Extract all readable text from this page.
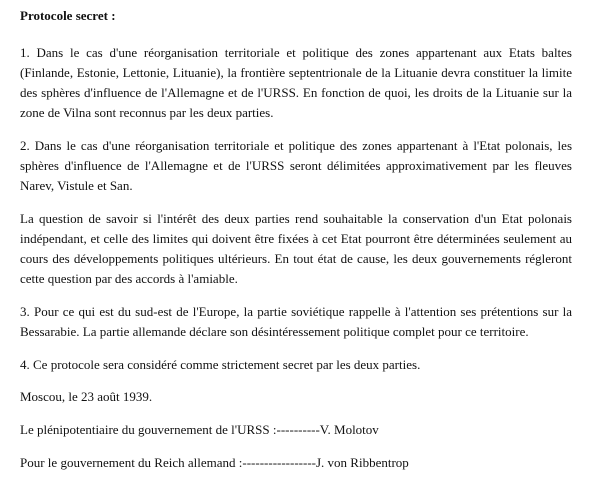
Protocole secret :

1. Dans le cas d'une réorganisation territoriale et politique des zones appartenant aux Etats baltes (Finlande, Estonie, Lettonie, Lituanie), la frontière septentrionale de la Lituanie devra constituer la limite des sphères d'influence de l'Allemagne et de l'URSS. En fonction de quoi, les droits de la Lituanie sur la zone de Vilna sont reconnus par les deux parties.

2. Dans le cas d'une réorganisation territoriale et politique des zones appartenant à l'Etat polonais, les sphères d'influence de l'Allemagne et de l'URSS seront délimitées approximativement par les fleuves Narev, Vistule et San.

La question de savoir si l'intérêt des deux parties rend souhaitable la conservation d'un Etat polonais indépendant, et celle des limites qui doivent être fixées à cet Etat pourront être déterminées seulement au cours des développements politiques ultérieurs. En tout état de cause, les deux gouvernements régleront cette question par des accords à l'amiable.

3. Pour ce qui est du sud-est de l'Europe, la partie soviétique rappelle à l'attention ses prétentions sur la Bessarabie. La partie allemande déclare son désintéressement politique complet pour ce territoire.

4. Ce protocole sera considéré comme strictement secret par les deux parties.

Moscou, le 23 août 1939.
Le plénipotentiaire du gouvernement de l'URSS :----------V. Molotov
Pour le gouvernement du Reich allemand :-----------------J. von Ribbentrop
